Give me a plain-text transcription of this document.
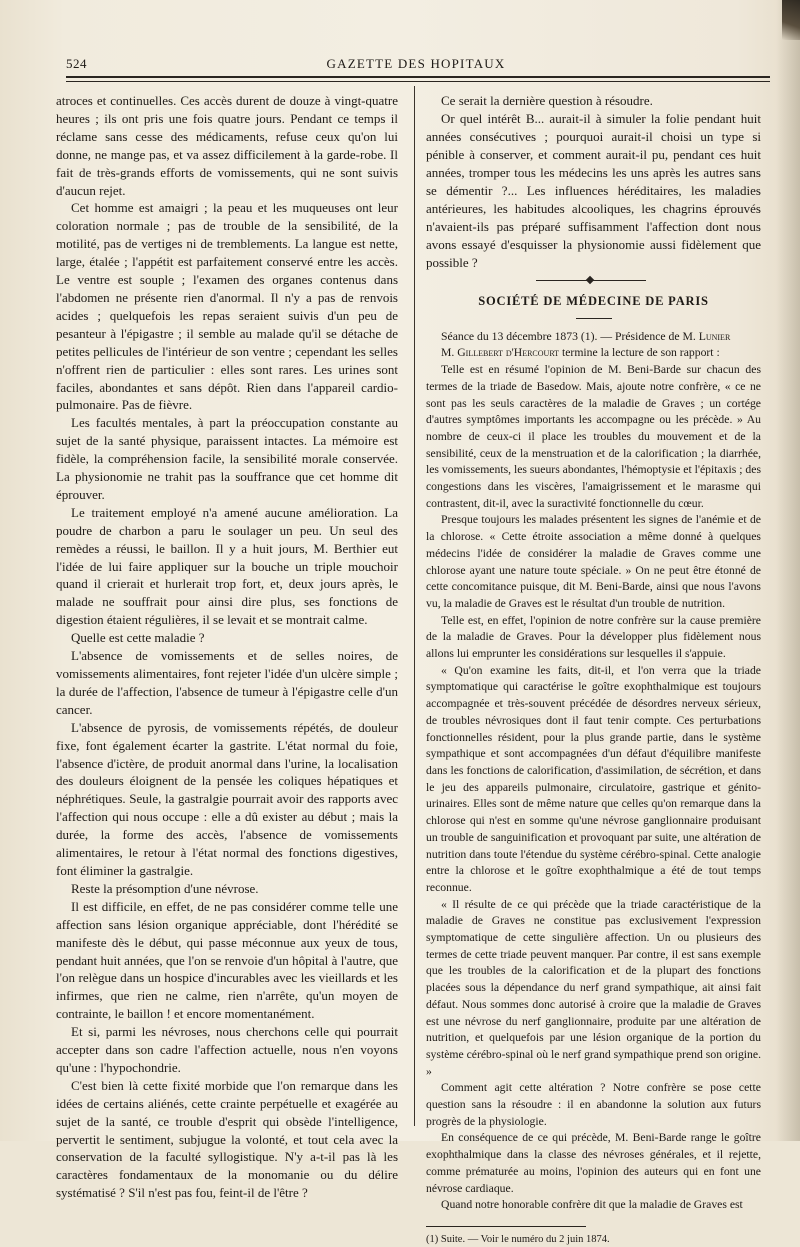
524	GAZETTE DES HOPITAUX

atroces et continuelles. Ces accès durent de douze à vingt-quatre heures ; ils ont pris une fois quatre jours. Pendant ce temps il réclame sans cesse des médicaments, refuse ceux qu'on lui donne, ne mange pas, et va assez difficilement à la garde-robe. Il fait de très-grands efforts de vomissements, qui ne sont suivis d'aucun rejet.

Cet homme est amaigri ; la peau et les muqueuses ont leur coloration normale ; pas de trouble de la sensibilité, de la motilité, pas de vertiges ni de tremblements. La langue est nette, large, étalée ; l'appétit est parfaitement conservé entre les accès. Le ventre est souple ; l'examen des organes contenus dans l'abdomen ne présente rien d'anormal. Il n'y a pas de renvois acides ; quelquefois les repas seraient suivis d'un peu de pesanteur à l'épigastre ; il semble au malade qu'il se détache de petites pellicules de l'intérieur de son ventre ; cependant les selles n'offrent rien de particulier : elles sont rares. Les urines sont faciles, abondantes et sans dépôt. Rien dans l'appareil cardio-pulmonaire. Pas de fièvre.

Les facultés mentales, à part la préoccupation constante au sujet de la santé physique, paraissent intactes. La mémoire est fidèle, la compréhension facile, la sensibilité morale conservée. La physionomie ne trahit pas la souffrance que cet homme dit éprouver.

Le traitement employé n'a amené aucune amélioration. La poudre de charbon a paru le soulager un peu. Un seul des remèdes a réussi, le baillon. Il y a huit jours, M. Berthier eut l'idée de lui faire appliquer sur la bouche un triple mouchoir quand il crierait et hurlerait trop fort, et, deux jours après, le malade ne souffrait pour ainsi dire plus, ses fonctions de digestion étaient régulières, il se levait et se montrait calme.

Quelle est cette maladie ?

L'absence de vomissements et de selles noires, de vomissements alimentaires, font rejeter l'idée d'un ulcère simple ; la durée de l'affection, l'absence de tumeur à l'épigastre celle d'un cancer.

L'absence de pyrosis, de vomissements répétés, de douleur fixe, font également écarter la gastrite. L'état normal du foie, l'absence d'ictère, de produit anormal dans l'urine, la localisation des douleurs éloignent de la pensée les coliques hépatiques et néphrétiques. Seule, la gastralgie pourrait avoir des rapports avec l'affection qui nous occupe : elle a dû exister au début ; mais la durée, la forme des accès, l'absence de vomissements alimentaires, le retour à l'état normal des fonctions digestives, font éliminer la gastralgie.

Reste la présomption d'une névrose.

Il est difficile, en effet, de ne pas considérer comme telle une affection sans lésion organique appréciable, dont l'hérédité se manifeste dès le début, qui passe méconnue aux yeux de tous, pendant huit années, que l'on se renvoie d'un hôpital à l'autre, que l'on relègue dans un hospice d'incurables avec les vieillards et les infirmes, que rien ne calme, rien n'arrête, qu'un moyen de contrainte, le baillon ! et encore momentanément.

Et si, parmi les névroses, nous cherchons celle qui pourrait accepter dans son cadre l'affection actuelle, nous n'en voyons qu'une : l'hypochondrie.

C'est bien là cette fixité morbide que l'on remarque dans les idées de certains aliénés, cette crainte perpétuelle et exagérée au sujet de la santé, ce trouble d'esprit qui obsède l'intelligence, pervertit le sentiment, subjugue la volonté, et tout cela avec la conservation de la faculté syllogistique. N'y a-t-il pas là les caractères fondamentaux de la monomanie ou du délire systématisé ? S'il n'est pas fou, feint-il de l'être ?

Ce serait la dernière question à résoudre.

Or quel intérêt B... aurait-il à simuler la folie pendant huit années consécutives ; pourquoi aurait-il choisi un type si pénible à conserver, et comment aurait-il pu, pendant ces huit années, tromper tous les médecins les uns après les autres sans se démentir ?... Les influences héréditaires, les maladies antérieures, les habitudes alcooliques, les chagrins éprouvés n'avaient-ils pas préparé suffisamment l'affection dont nous avons essayé d'esquisser la physionomie aussi fidèlement que possible ?

SOCIÉTÉ DE MÉDECINE DE PARIS

Séance du 13 décembre 1873 (1). — Présidence de M. Lunier

M. Gillebert d'Hercourt termine la lecture de son rapport :

Telle est en résumé l'opinion de M. Beni-Barde sur chacun des termes de la triade de Basedow. Mais, ajoute notre confrère, « ce ne sont pas les seuls caractères de la maladie de Graves ; un cortége d'autres symptômes importants les accompagne ou les précède. » Au nombre de ceux-ci il place les troubles du mouvement et de la sensibilité, ceux de la menstruation et de la calorification ; la diarrhée, les vomissements, les sueurs abondantes, l'hémoptysie et l'épitaxis ; des congestions dans les viscères, l'amaigrissement et le marasme qui contrastent, dit-il, avec la suractivité fonctionnelle du cœur.

Presque toujours les malades présentent les signes de l'anémie et de la chlorose. « Cette étroite association a même donné à quelques médecins l'idée de considérer la maladie de Graves comme une chlorose ayant une nature toute spéciale. » On ne peut être étonné de cette concomitance puisque, dit M. Beni-Barde, ainsi que nous l'avons vu, la maladie de Graves est le résultat d'un trouble de nutrition.

Telle est, en effet, l'opinion de notre confrère sur la cause première de la maladie de Graves. Pour la développer plus fidèlement nous allons lui emprunter les considérations sur lesquelles il s'appuie.

« Qu'on examine les faits, dit-il, et l'on verra que la triade symptomatique qui caractérise le goître exophthalmique est toujours accompagnée et très-souvent précédée de désordres nerveux sérieux, de troubles névrosiques dont il faut tenir compte. Ces perturbations fonctionnelles résident, pour la plus grande partie, dans le système sympathique et sont accompagnées d'un défaut d'équilibre manifeste dans les fonctions de calorification, d'assimilation, de sécrétion, et dans le jeu des appareils pulmonaire, circulatoire, gastrique et génito-urinaires. Elles sont de même nature que celles qu'on remarque dans la chlorose qui n'est en somme qu'une névrose ganglionnaire produisant un trouble de sanguinification et provoquant par suite, une altération de nutrition dans toute l'étendue du système cérébro-spinal. Cette analogie entre la chlorose et le goître exophthalmique a été de tout temps reconnue.

« Il résulte de ce qui précède que la triade caractéristique de la maladie de Graves ne constitue pas exclusivement l'expression symptomatique de cette singulière affection. Un ou plusieurs des termes de cette triade peuvent manquer. Par contre, il est sans exemple que les troubles de la calorification et de la plupart des fonctions placées sous la dépendance du nerf grand sympathique, ait ainsi fait défaut. Nous sommes donc autorisé à croire que la maladie de Graves est une névrose du nerf ganglionnaire, produite par une altération de nutrition, et quelquefois par une lésion organique de la portion du système cérébro-spinal où le nerf grand sympathique prend son origine. »

Comment agit cette altération ? Notre confrère se pose cette question sans la résoudre : il en abandonne la solution aux futurs progrès de la physiologie.

En conséquence de ce qui précède, M. Beni-Barde range le goître exophthalmique dans la classe des névroses générales, et il rejette, comme prématurée au moins, l'opinion des auteurs qui en font une névrose cardiaque.

Quand notre honorable confrère dit que la maladie de Graves est

(1) Suite. — Voir le numéro du 2 juin 1874.
